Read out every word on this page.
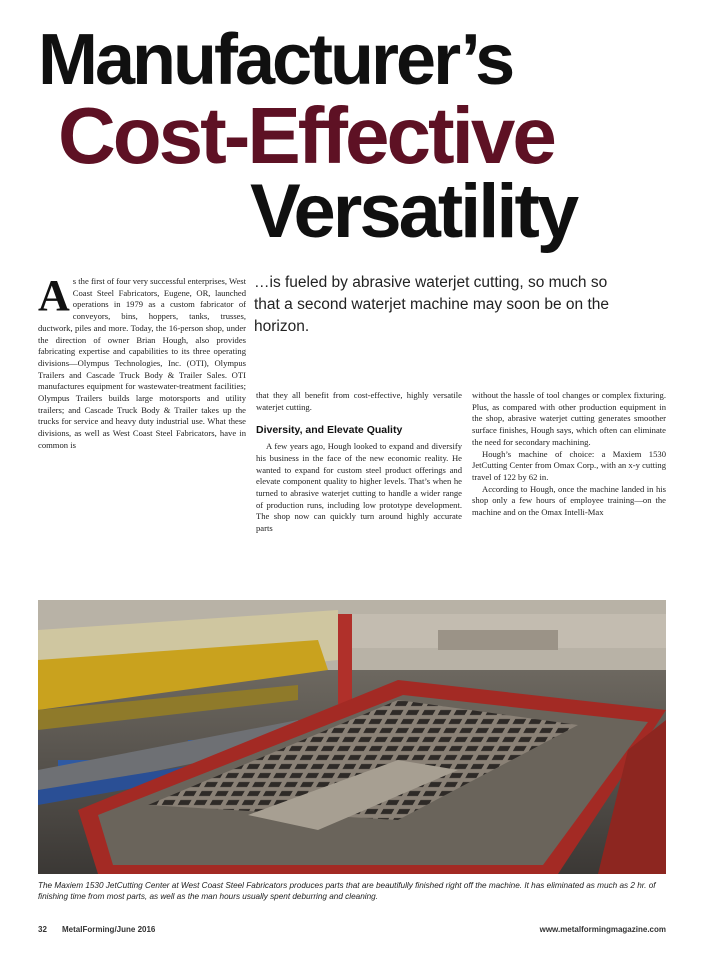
Manufacturer’s
Cost-Effective
Versatility
…is fueled by abrasive waterjet cutting, so much so that a second waterjet machine may soon be on the horizon.

As the first of four very successful enterprises, West Coast Steel Fabricators, Eugene, OR, launched operations in 1979 as a custom fabricator of conveyors, bins, hoppers, tanks, trusses, ductwork, piles and more. Today, the 16-person shop, under the direction of owner Brian Hough, also provides fabricating expertise and capabilities to its three operating divisions—Olympus Technologies, Inc. (OTI), Olympus Trailers and Cascade Truck Body & Trailer Sales. OTI manufactures equipment for wastewater-treatment facilities; Olympus Trailers builds large motorsports and utility trailers; and Cascade Truck Body & Trailer takes up the trucks for service and heavy duty industrial use. What these divisions, as well as West Coast Steel Fabricators, have in common is

that they all benefit from cost-effective, highly versatile waterjet cutting.

Diversity, and Elevate Quality

A few years ago, Hough looked to expand and diversify his business in the face of the new economic reality. He wanted to expand for custom steel product offerings and elevate component quality to higher levels. That’s when he turned to abrasive waterjet cutting to handle a wider range of production runs, including low prototype development. The shop now can quickly turn around highly accurate parts

without the hassle of tool changes or complex fixturing. Plus, as compared with other production equipment in the shop, abrasive waterjet cutting generates smoother surface finishes, Hough says, which often can eliminate the need for secondary machining.

Hough’s machine of choice: a Maxiem 1530 JetCutting Center from Omax Corp., with an x-y cutting travel of 122 by 62 in.

According to Hough, once the machine landed in his shop only a few hours of employee training—on the machine and on the Omax Intelli-Max

The Maxiem 1530 JetCutting Center at West Coast Steel Fabricators produces parts that are beautifully finished right off the machine. It has eliminated as much as 2 hr. of finishing time from most parts, as well as the man hours usually spent deburring and cleaning.
32 MetalForming/June 2016	www.metalformingmagazine.com
